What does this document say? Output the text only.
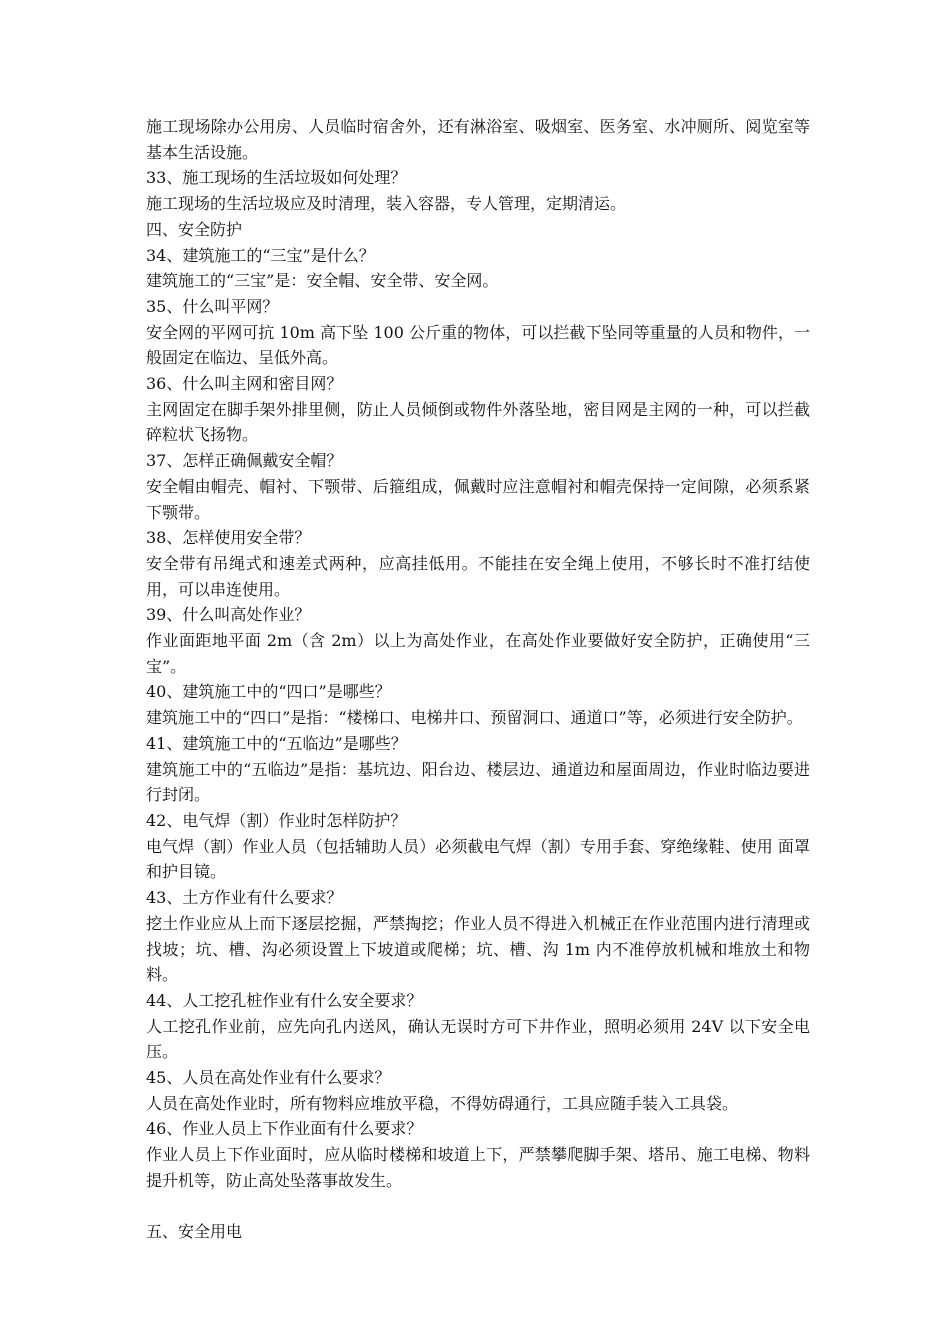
施工现场除办公用房、人员临时宿舍外，还有淋浴室、吸烟室、医务室、水冲厕所、阅览室等基本生活设施。
33、施工现场的生活垃圾如何处理？
施工现场的生活垃圾应及时清理，装入容器，专人管理，定期清运。
四、安全防护
34、建筑施工的“三宝”是什么？
建筑施工的“三宝”是：安全帽、安全带、安全网。
35、什么叫平网？
安全网的平网可抗 10m 高下坠 100 公斤重的物体，可以拦截下坠同等重量的人员和物件，一般固定在临边、呈低外高。
36、什么叫主网和密目网？
主网固定在脚手架外排里侧，防止人员倾倒或物件外落坠地，密目网是主网的一种，可以拦截碎粒状飞扬物。
37、怎样正确佩戴安全帽？
安全帽由帽壳、帽衬、下颚带、后箍组成，佩戴时应注意帽衬和帽壳保持一定间隙，必须系紧下颚带。
38、怎样使用安全带？
安全带有吊绳式和速差式两种，应高挂低用。不能挂在安全绳上使用，不够长时不准打结使用，可以串连使用。
39、什么叫高处作业？
作业面距地平面 2m（含 2m）以上为高处作业，在高处作业要做好安全防护，正确使用“三宝”。
40、建筑施工中的“四口”是哪些？
建筑施工中的“四口”是指：“楼梯口、电梯井口、预留洞口、通道口”等，必须进行安全防护。
41、建筑施工中的“五临边”是哪些？
建筑施工中的“五临边”是指：基坑边、阳台边、楼层边、通道边和屋面周边，作业时临边要进行封闭。
42、电气焊（割）作业时怎样防护？
电气焊（割）作业人员（包括辅助人员）必须截电气焊（割）专用手套、穿绝缘鞋、使用 面罩和护目镜。
43、土方作业有什么要求？
挖土作业应从上而下逐层挖掘，严禁掏挖；作业人员不得进入机械正在作业范围内进行清理或找坡；坑、槽、沟必须设置上下坡道或爬梯；坑、槽、沟 1m 内不准停放机械和堆放土和物料。
44、人工挖孔桩作业有什么安全要求？
人工挖孔作业前，应先向孔内送风，确认无误时方可下井作业，照明必须用 24V 以下安全电压。
45、人员在高处作业有什么要求？
人员在高处作业时，所有物料应堆放平稳，不得妨碍通行，工具应随手装入工具袋。
46、作业人员上下作业面有什么要求？
作业人员上下作业面时，应从临时楼梯和坡道上下，严禁攀爬脚手架、塔吊、施工电梯、物料提升机等，防止高处坠落事故发生。
五、安全用电
